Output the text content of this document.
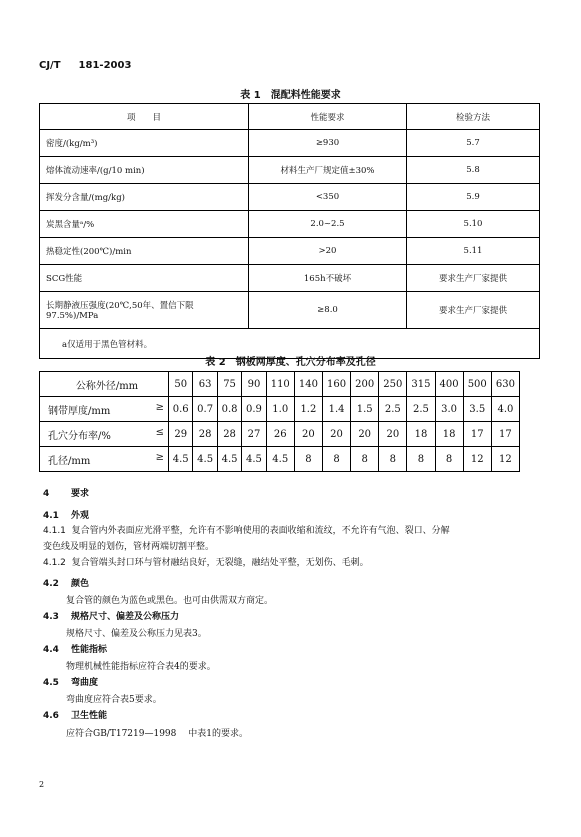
CJ/T 181-2003
表 1 混配料性能要求
项　　目	性能要求	检验方法
密度/(kg/m³)	≥930	5.7
熔体流动速率/(g/10 min)	材料生产厂规定值±30%	5.8
挥发分含量/(mg/kg)	<350	5.9
炭黑含量ᵃ/%	2.0~2.5	5.10
热稳定性(200℃)/min	>20	5.11
SCG性能	165h不破坏	要求生产厂家提供

长期静液压强度(20℃,50年、置信下限
97.5%)/MPa	≥8.0	要求生产厂家提供
a仅适用于黑色管材料。		
表 2 钢板网厚度、孔穴分布率及孔径
公称外径/mm	50	63	75	90	110	140	160	200	250	315	400	500	630
钢带厚度/mm ≥	0.6	0.7	0.8	0.9	1.0	1.2	1.4	1.5	2.5	2.5	3.0	3.5	4.0
孔穴分布率/% ≤	29	28	28	27	26	20	20	20	20	18	18	17	17
孔径/mm ≥	4.5	4.5	4.5	4.5	4.5	8	8	8	8	8	8	12	12
4 要求
4.1 外观
4.1.1 复合管内外表面应光滑平整，允许有不影响使用的表面收缩和流纹，不允许有气泡、裂口、分解
变色线及明显的划伤，管材两端切割平整。
4.1.2 复合管端头封口环与管材融结良好，无裂缝，融结处平整，无划伤、毛刺。
4.2 颜色
复合管的颜色为蓝色或黑色。也可由供需双方商定。
4.3 规格尺寸、偏差及公称压力
规格尺寸、偏差及公称压力见表3。
4.4 性能指标
物理机械性能指标应符合表4的要求。
4.5 弯曲度
弯曲度应符合表5要求。
4.6 卫生性能
应符合GB/T17219—1998　 中表1的要求。
2
